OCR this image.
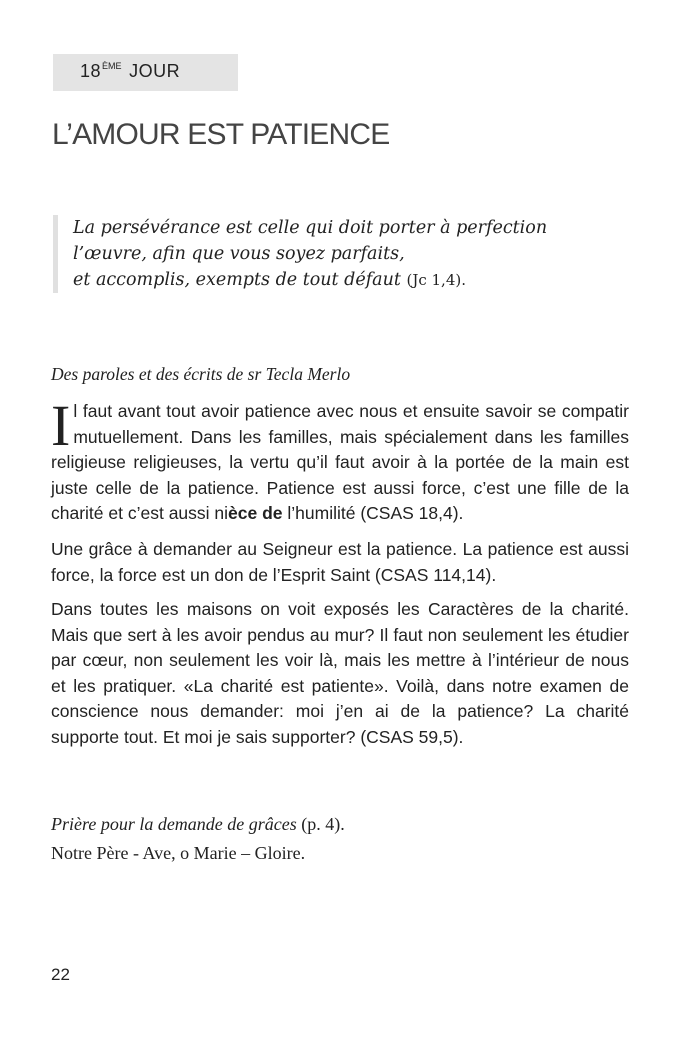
18ÈME JOUR
L’AMOUR EST PATIENCE
La persévérance est celle qui doit porter à perfection
l’œuvre, afin que vous soyez parfaits,
et accomplis, exempts de tout défaut (Jc 1,4).
Des paroles et des écrits de sr Tecla Merlo

Il faut avant tout avoir patience avec nous et ensuite savoir se compatir mutuellement. Dans les familles, mais spécialement dans les familles religieuse religieuses, la vertu qu’il faut avoir à la portée de la main est juste celle de la patience. Patience est aussi force, c’est une fille de la charité et c’est aussi nièce de l’humilité (CSAS 18,4).

Une grâce à demander au Seigneur est la patience. La patience est aussi force, la force est un don de l’Esprit Saint (CSAS 114,14).

Dans toutes les maisons on voit exposés les Caractères de la charité. Mais que sert à les avoir pendus au mur? Il faut non seulement les étudier par cœur, non seulement les voir là, mais les mettre à l’intérieur de nous et les pratiquer. «La charité est patiente». Voilà, dans notre examen de conscience nous demander: moi j’en ai de la patience? La charité supporte tout. Et moi je sais supporter? (CSAS 59,5).

Prière pour la demande de grâces (p. 4).
Notre Père - Ave, o Marie – Gloire.
22
